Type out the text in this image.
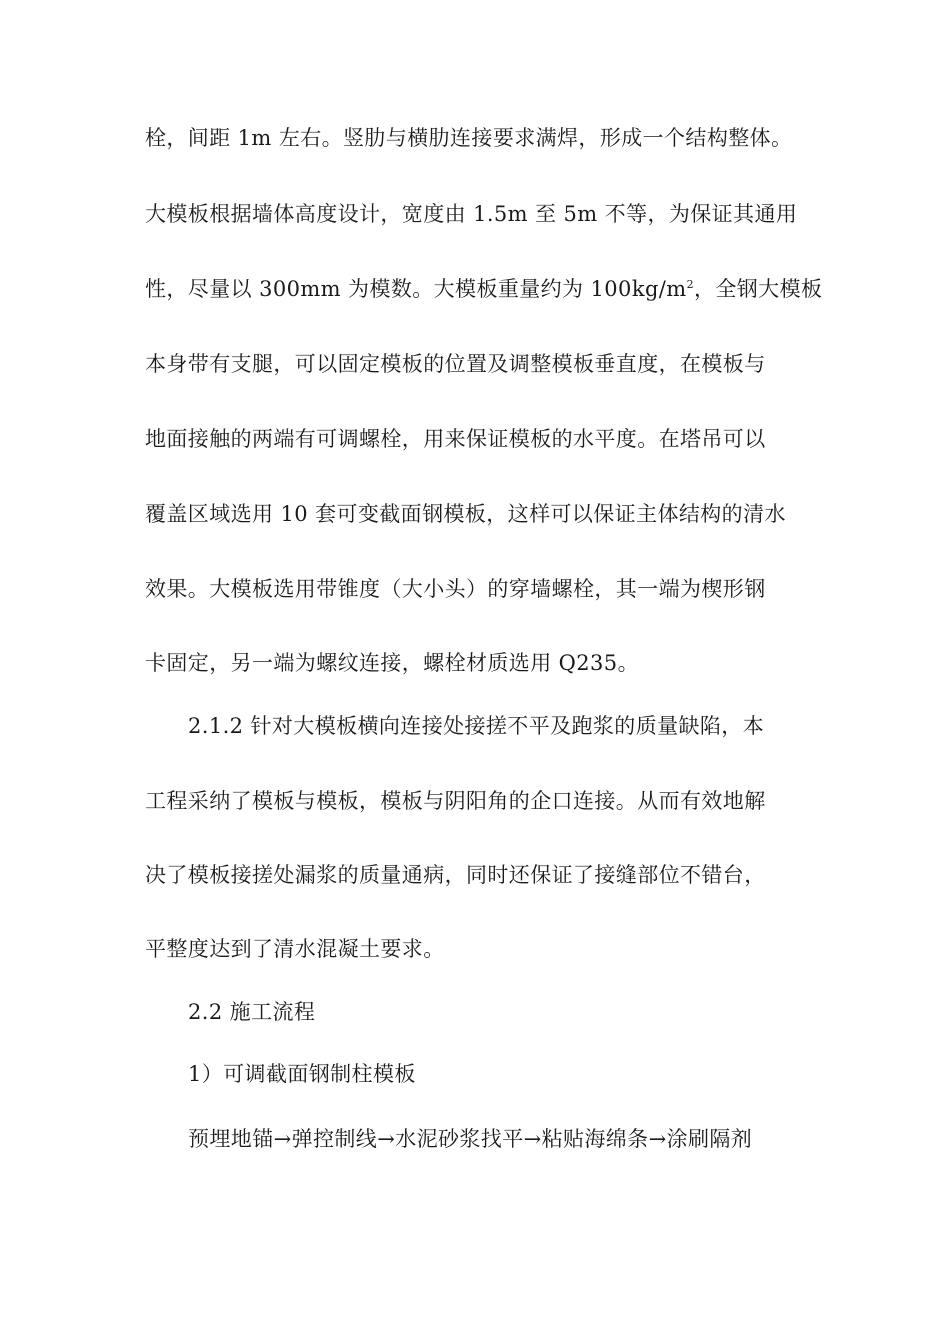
栓，间距 1m 左右。竖肋与横肋连接要求满焊，形成一个结构整体。
大模板根据墙体高度设计，宽度由 1.5m 至 5m 不等，为保证其通用
性，尽量以 300mm 为模数。大模板重量约为 $100kg/m^2$，全钢大模板
本身带有支腿，可以固定模板的位置及调整模板垂直度，在模板与
地面接触的两端有可调螺栓，用来保证模板的水平度。在塔吊可以
覆盖区域选用 10 套可变截面钢模板，这样可以保证主体结构的清水
效果。大模板选用带锥度（大小头）的穿墙螺栓，其一端为楔形钢
卡固定，另一端为螺纹连接，螺栓材质选用 Q235。
2.1.2 针对大模板横向连接处接搓不平及跑浆的质量缺陷，本
工程采纳了模板与模板，模板与阴阳角的企口连接。从而有效地解
决了模板接搓处漏浆的质量通病，同时还保证了接缝部位不错台，
平整度达到了清水混凝土要求。
2.2 施工流程
1）可调截面钢制柱模板
预埋地锚→弹控制线→水泥砂浆找平→粘贴海绵条→涂刷隔剂
